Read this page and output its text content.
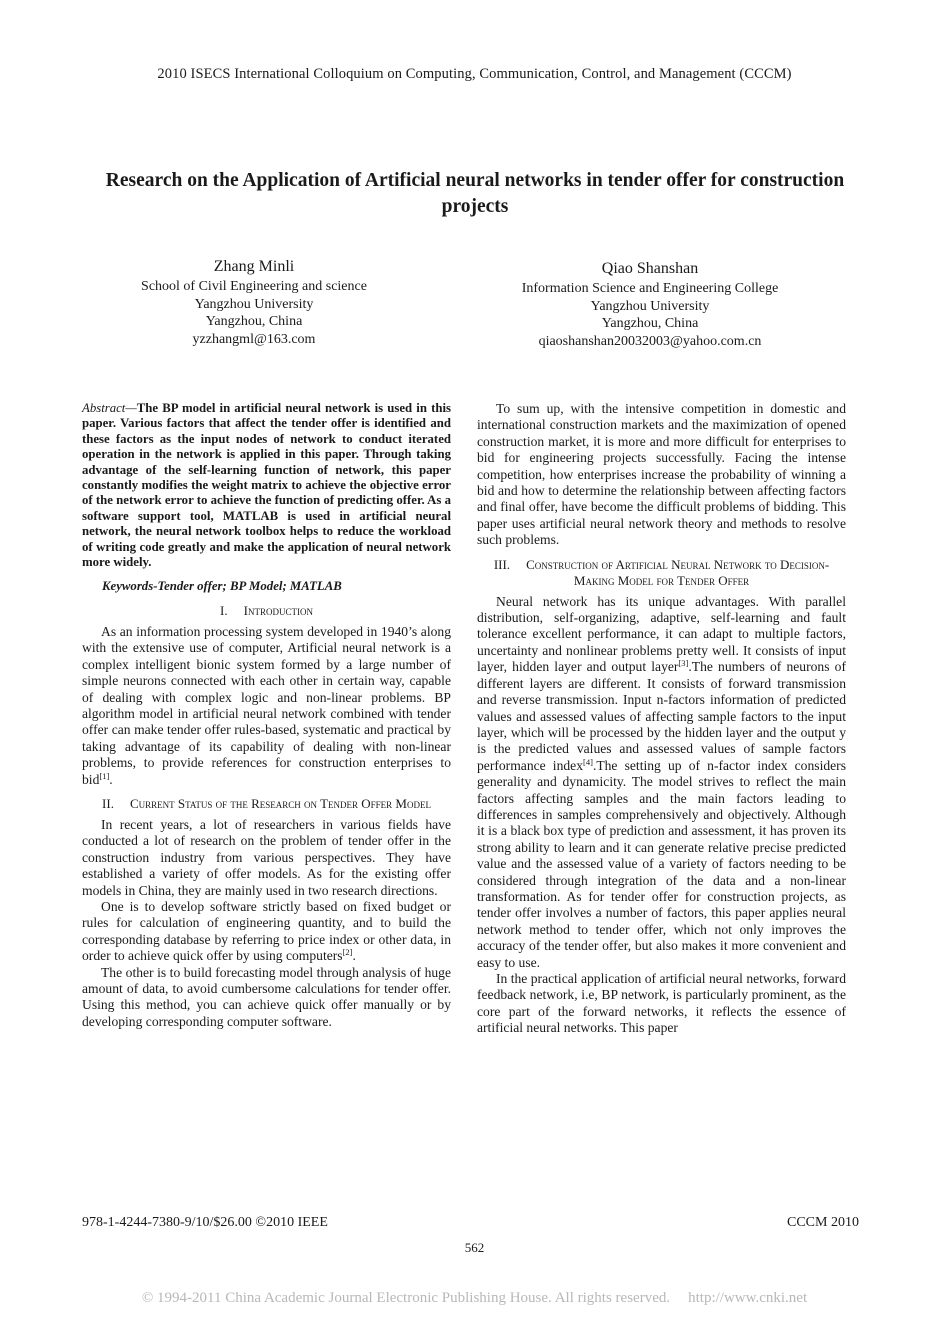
2010 ISECS International Colloquium on Computing, Communication, Control, and Management (CCCM)
Research on the Application of Artificial neural networks in tender offer for construction projects
Zhang Minli
School of Civil Engineering and science
Yangzhou University
Yangzhou, China
yzzhangml@163.com
Qiao Shanshan
Information Science and Engineering College
Yangzhou University
Yangzhou, China
qiaoshanshan20032003@yahoo.com.cn

Abstract—The BP model in artificial neural network is used in this paper. Various factors that affect the tender offer is identified and these factors as the input nodes of network to conduct iterated operation in the network is applied in this paper. Through taking advantage of the self-learning function of network, this paper constantly modifies the weight matrix to achieve the objective error of the network error to achieve the function of predicting offer. As a software support tool, MATLAB is used in artificial neural network, the neural network toolbox helps to reduce the workload of writing code greatly and make the application of neural network more widely.

Keywords-Tender offer; BP Model; MATLAB

I. Introduction

As an information processing system developed in 1940’s along with the extensive use of computer, Artificial neural network is a complex intelligent bionic system formed by a large number of simple neurons connected with each other in certain way, capable of dealing with complex logic and non-linear problems. BP algorithm model in artificial neural network combined with tender offer can make tender offer rules-based, systematic and practical by taking advantage of its capability of dealing with non-linear problems, to provide references for construction enterprises to bid[1].

II. Current Status of the Research on Tender Offer Model

In recent years, a lot of researchers in various fields have conducted a lot of research on the problem of tender offer in the construction industry from various perspectives. They have established a variety of offer models. As for the existing offer models in China, they are mainly used in two research directions.

One is to develop software strictly based on fixed budget or rules for calculation of engineering quantity, and to build the corresponding database by referring to price index or other data, in order to achieve quick offer by using computers[2].

The other is to build forecasting model through analysis of huge amount of data, to avoid cumbersome calculations for tender offer. Using this method, you can achieve quick offer manually or by developing corresponding computer software.

To sum up, with the intensive competition in domestic and international construction markets and the maximization of opened construction market, it is more and more difficult for enterprises to bid for engineering projects successfully. Facing the intense competition, how enterprises increase the probability of winning a bid and how to determine the relationship between affecting factors and final offer, have become the difficult problems of bidding. This paper uses artificial neural network theory and methods to resolve such problems.

III. Construction of Artificial Neural Network to Decision-Making Model for Tender Offer

Neural network has its unique advantages. With parallel distribution, self-organizing, adaptive, self-learning and fault tolerance excellent performance, it can adapt to multiple factors, uncertainty and nonlinear problems pretty well. It consists of input layer, hidden layer and output layer[3].The numbers of neurons of different layers are different. It consists of forward transmission and reverse transmission. Input n-factors information of predicted values and assessed values of affecting sample factors to the input layer, which will be processed by the hidden layer and the output y is the predicted values and assessed values of sample factors performance index[4].The setting up of n-factor index considers generality and dynamicity. The model strives to reflect the main factors affecting samples and the main factors leading to differences in samples comprehensively and objectively. Although it is a black box type of prediction and assessment, it has proven its strong ability to learn and it can generate relative precise predicted value and the assessed value of a variety of factors needing to be considered through integration of the data and a non-linear transformation. As for tender offer for construction projects, as tender offer involves a number of factors, this paper applies neural network method to tender offer, which not only improves the accuracy of the tender offer, but also makes it more convenient and easy to use.

In the practical application of artificial neural networks, forward feedback network, i.e, BP network, is particularly prominent, as the core part of the forward networks, it reflects the essence of artificial neural networks. This paper

978-1-4244-7380-9/10/$26.00 ©2010 IEEE	CCCM 2010
562
© 1994-2011 China Academic Journal Electronic Publishing House. All rights reserved. http://www.cnki.net
